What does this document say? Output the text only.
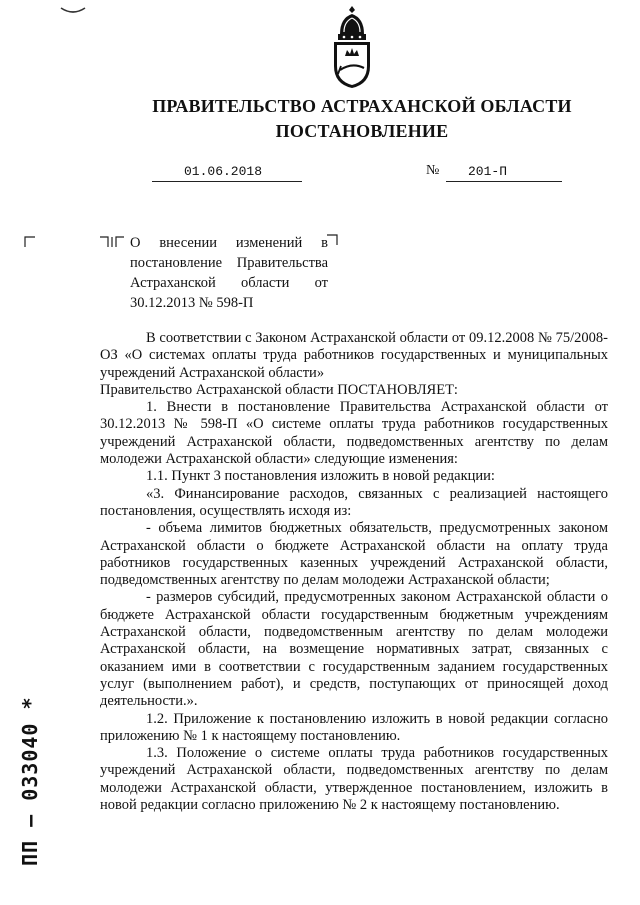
ПРАВИТЕЛЬСТВО АСТРАХАНСКОЙ ОБЛАСТИ
ПОСТАНОВЛЕНИЕ
01.06.2018	№ 201-П
О внесении изменений в постановление Правительства Астраханской области от 30.12.2013 № 598-П

В соответствии с Законом Астраханской области от 09.12.2008 № 75/2008-ОЗ «О системах оплаты труда работников государственных и муниципальных учреждений Астраханской области»

Правительство Астраханской области ПОСТАНОВЛЯЕТ:

1. Внести в постановление Правительства Астраханской области от 30.12.2013 № 598-П «О системе оплаты труда работников государственных учреждений Астраханской области, подведомственных агентству по делам молодежи Астраханской области» следующие изменения:

1.1. Пункт 3 постановления изложить в новой редакции:

«3. Финансирование расходов, связанных с реализацией настоящего постановления, осуществлять исходя из:

- объема лимитов бюджетных обязательств, предусмотренных законом Астраханской области о бюджете Астраханской области на оплату труда работников государственных казенных учреждений Астраханской области, подведомственных агентству по делам молодежи Астраханской области;

- размеров субсидий, предусмотренных законом Астраханской области о бюджете Астраханской области государственным бюджетным учреждениям Астраханской области, подведомственным агентству по делам молодежи Астраханской области, на возмещение нормативных затрат, связанных с оказанием ими в соответствии с государственным заданием государственных услуг (выполнением работ), и средств, поступающих от приносящей доход деятельности.».

1.2. Приложение к постановлению изложить в новой редакции согласно приложению № 1 к настоящему постановлению.

1.3. Положение о системе оплаты труда работников государственных учреждений Астраханской области, подведомственных агентству по делам молодежи Астраханской области, утвержденное постановлением, изложить в новой редакции согласно приложению № 2 к настоящему постановлению.

ПП – 033040 *
